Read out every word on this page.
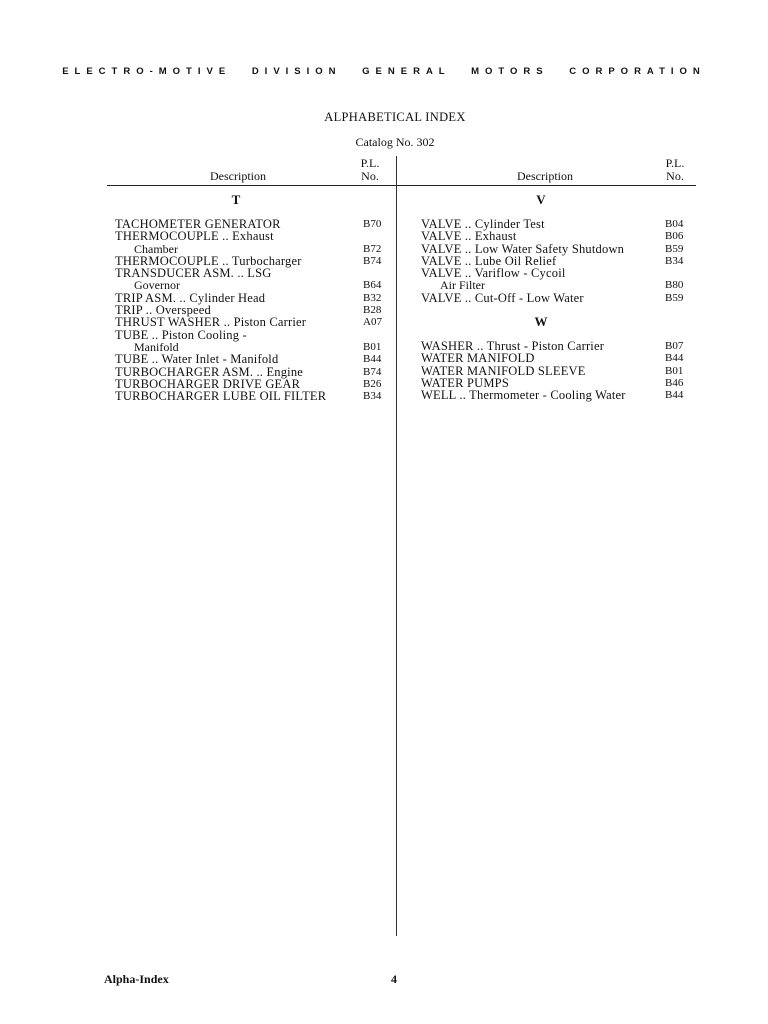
ELECTRO-MOTIVE DIVISION GENERAL MOTORS CORPORATION
ALPHABETICAL INDEX
Catalog No. 302
Description
P.L.
No.	Description
P.L.
No.
T
TACHOMETER GENERATOR	B70
THERMOCOUPLE .. Exhaust
Chamber	B72
THERMOCOUPLE .. Turbocharger	B74
TRANSDUCER ASM. .. LSG
Governor	B64
TRIP ASM. .. Cylinder Head	B32
TRIP .. Overspeed	B28
THRUST WASHER .. Piston Carrier	A07
TUBE .. Piston Cooling -
Manifold	B01
TUBE .. Water Inlet - Manifold	B44
TURBOCHARGER ASM. .. Engine	B74
TURBOCHARGER DRIVE GEAR	B26
TURBOCHARGER LUBE OIL FILTER	B34
V
VALVE .. Cylinder Test	B04
VALVE .. Exhaust	B06
VALVE .. Low Water Safety Shutdown	B59
VALVE .. Lube Oil Relief	B34
VALVE .. Variflow - Cycoil
Air Filter	B80
VALVE .. Cut-Off - Low Water	B59
W
WASHER .. Thrust - Piston Carrier	B07
WATER MANIFOLD	B44
WATER MANIFOLD SLEEVE	B01
WATER PUMPS	B46
WELL .. Thermometer - Cooling Water	B44
Alpha-Index	4
